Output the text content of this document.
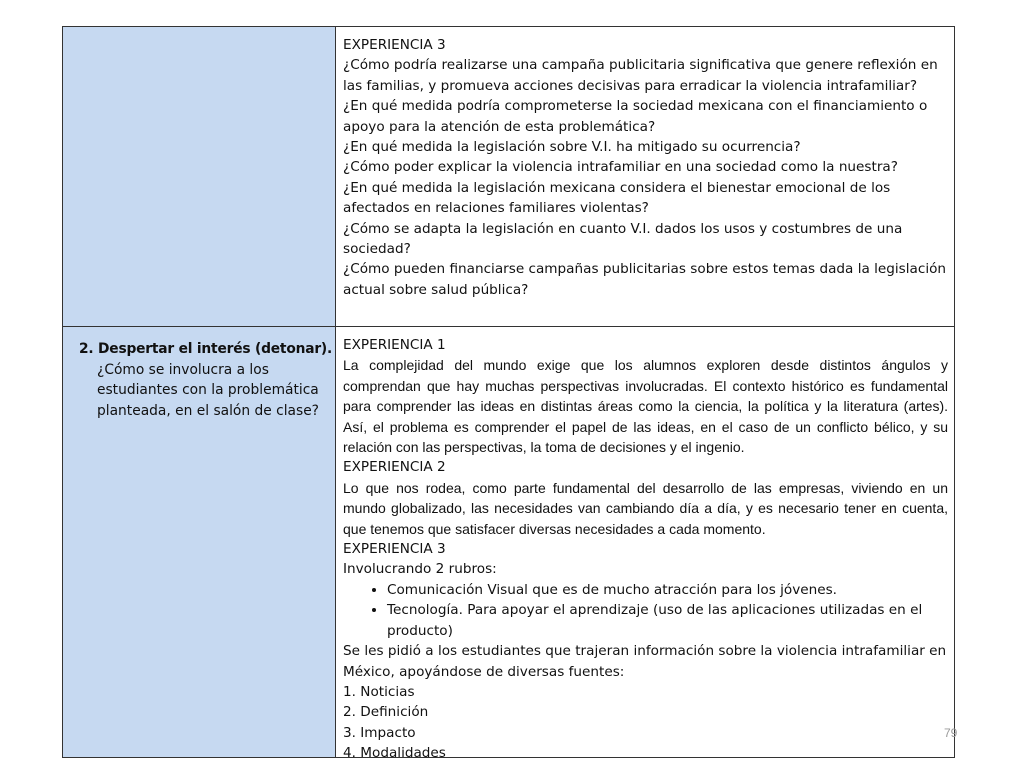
EXPERIENCIA 3

¿Cómo podría realizarse una campaña publicitaria significativa que genere reflexión en las familias, y promueva acciones decisivas para erradicar la violencia intrafamiliar?

¿En qué medida podría comprometerse la sociedad mexicana con el financiamiento o apoyo para la atención de esta problemática?

¿En qué medida la legislación sobre V.I. ha mitigado su ocurrencia?

¿Cómo poder explicar la violencia intrafamiliar en una sociedad como la nuestra?

¿En qué medida la legislación mexicana considera el bienestar emocional de los afectados en relaciones familiares violentas?

¿Cómo se adapta la legislación en cuanto V.I. dados los usos y costumbres de una sociedad?

¿Cómo pueden financiarse campañas publicitarias sobre estos temas dada la legislación actual sobre salud pública?

2. Despertar el interés (detonar).
¿Cómo se involucra a los estudiantes con la problemática planteada, en el salón de clase?

EXPERIENCIA 1

La complejidad del mundo exige que los alumnos exploren desde distintos ángulos y comprendan que hay muchas perspectivas involucradas. El contexto histórico es fundamental para comprender las ideas en distintas áreas como la ciencia, la política y la literatura (artes). Así, el problema es comprender el papel de las ideas, en el caso de un conflicto bélico, y su relación con las perspectivas, la toma de decisiones y el ingenio.

EXPERIENCIA 2

Lo que nos rodea, como parte fundamental del desarrollo de las empresas, viviendo en un mundo globalizado, las necesidades van cambiando día a día, y es necesario tener en cuenta, que tenemos que satisfacer diversas necesidades a cada momento.

EXPERIENCIA 3

Involucrando 2 rubros:

• Comunicación Visual que es de mucho atracción para los jóvenes.
• Tecnología. Para apoyar el aprendizaje (uso de las aplicaciones utilizadas en el producto)

Se les pidió a los estudiantes que trajeran información sobre la violencia intrafamiliar en México, apoyándose de diversas fuentes:

1. Noticias

2. Definición

3. Impacto

4. Modalidades

79
